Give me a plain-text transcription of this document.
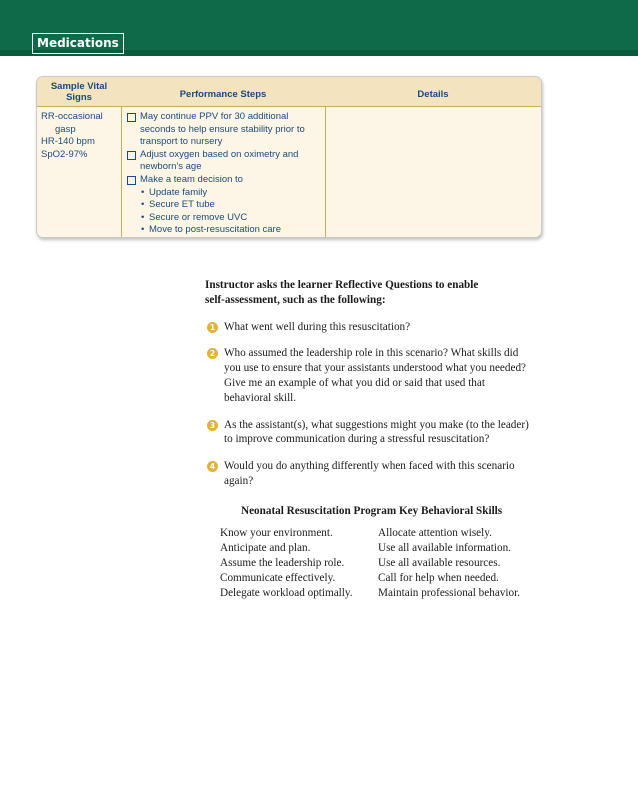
Medications
Sample Vital
Signs	Performance Steps	Details
RR-occasional
gasp
HR-140 bpm
SpO2-97%
May continue PPV for 30 additional
seconds to help ensure stability prior to
transport to nursery
Adjust oxygen based on oximetry and
newborn's age
Make a team decision to
• Update family
• Secure ET tube
• Secure or remove UVC
• Move to post-resuscitation care
Instructor asks the learner Reflective Questions to enable
self-assessment, such as the following:
1 What went well during this resuscitation?
2 Who assumed the leadership role in this scenario? What skills did
you use to ensure that your assistants understood what you needed?
Give me an example of what you did or said that used that
behavioral skill.
3 As the assistant(s), what suggestions might you make (to the leader)
to improve communication during a stressful resuscitation?
4 Would you do anything differently when faced with this scenario
again?
Neonatal Resuscitation Program Key Behavioral Skills
Know your environment.
Anticipate and plan.
Assume the leadership role.
Communicate effectively.
Delegate workload optimally.
Allocate attention wisely.
Use all available information.
Use all available resources.
Call for help when needed.
Maintain professional behavior.
